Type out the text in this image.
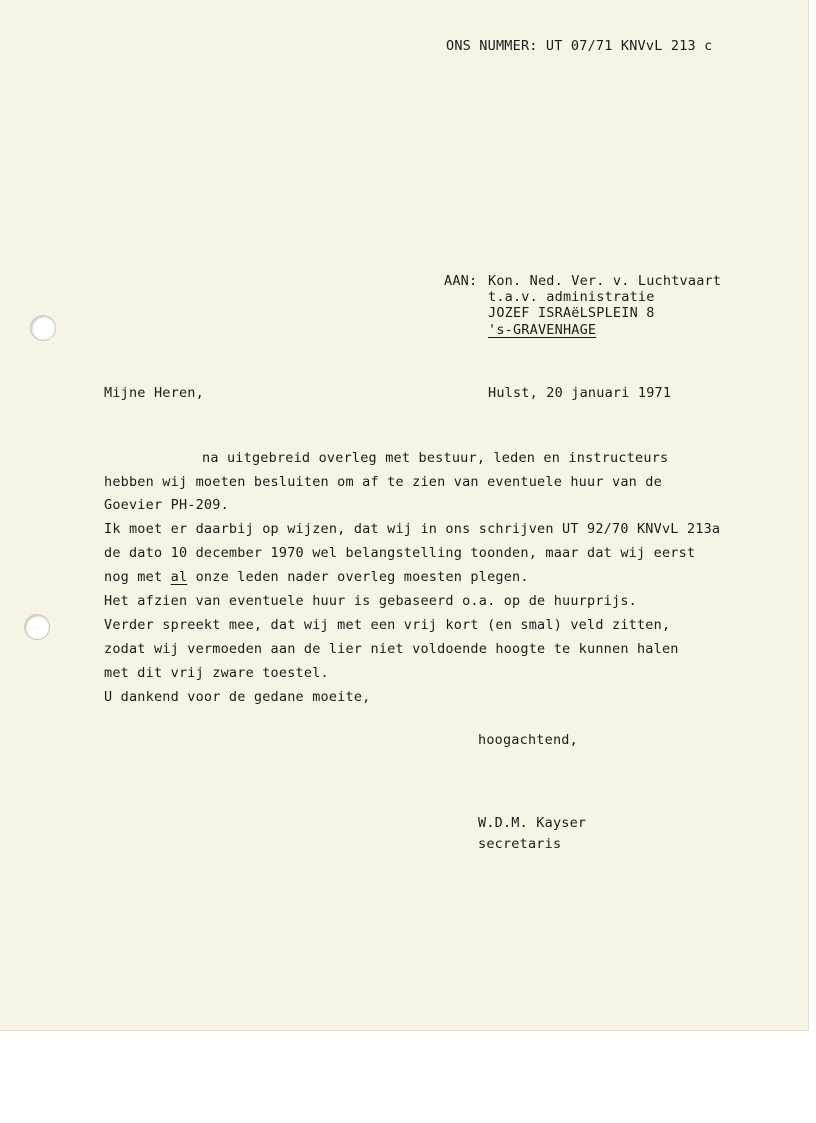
ONS NUMMER: UT 07/71 KNVvL 213 c
AAN: Kon. Ned. Ver. v. Luchtvaart
t.a.v. administratie
JOZEF ISRAëLSPLEIN 8
's-GRAVENHAGE
Mijne Heren,	Hulst, 20 januari 1971
na uitgebreid overleg met bestuur, leden en instructeurs
hebben wij moeten besluiten om af te zien van eventuele huur van de
Goevier PH-209.
Ik moet er daarbij op wijzen, dat wij in ons schrijven UT 92/70 KNVvL 213a
de dato 10 december 1970 wel belangstelling toonden, maar dat wij eerst
nog met al onze leden nader overleg moesten plegen.
Het afzien van eventuele huur is gebaseerd o.a. op de huurprijs.
Verder spreekt mee, dat wij met een vrij kort (en smal) veld zitten,
zodat wij vermoeden aan de lier niet voldoende hoogte te kunnen halen
met dit vrij zware toestel.
U dankend voor de gedane moeite,
hoogachtend,
W.D.M. Kayser
secretaris
